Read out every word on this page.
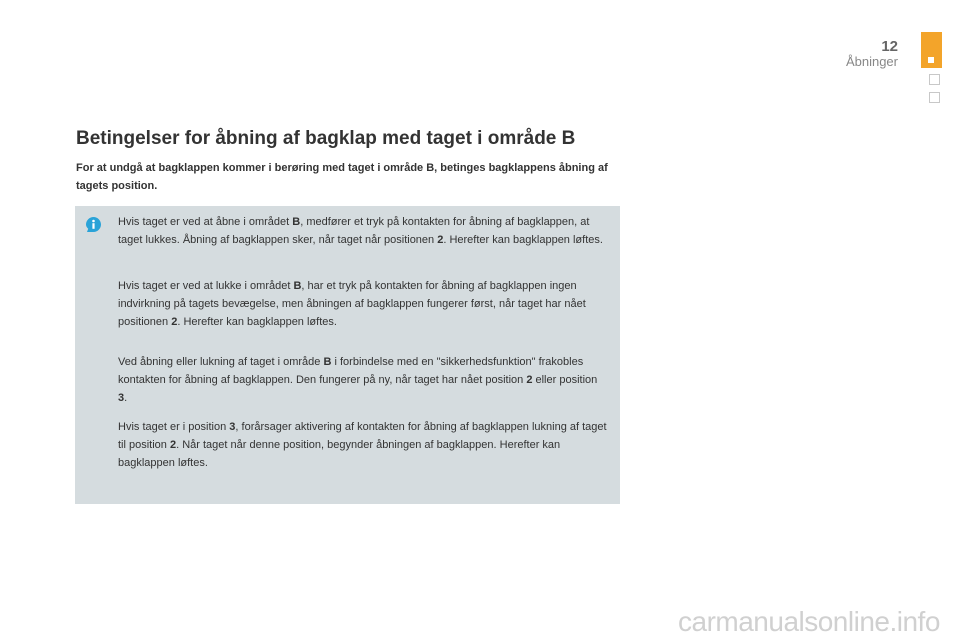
12
Åbninger
Betingelser for åbning af bagklap med taget i område B

For at undgå at bagklappen kommer i berøring med taget i område B, betinges bagklappens åbning af tagets position.

Hvis taget er ved at åbne i området B, medfører et tryk på kontakten for åbning af bagklappen, at taget lukkes. Åbning af bagklappen sker, når taget når positionen 2. Herefter kan bagklappen løftes.

Hvis taget er ved at lukke i området B, har et tryk på kontakten for åbning af bagklappen ingen indvirkning på tagets bevægelse, men åbningen af bagklappen fungerer først, når taget har nået positionen 2. Herefter kan bagklappen løftes.

Ved åbning eller lukning af taget i område B i forbindelse med en "sikkerhedsfunktion" frakobles kontakten for åbning af bagklappen. Den fungerer på ny, når taget har nået position 2 eller position 3.

Hvis taget er i position 3, forårsager aktivering af kontakten for åbning af bagklappen lukning af taget til position 2. Når taget når denne position, begynder åbningen af bagklappen. Herefter kan bagklappen løftes.

carmanualsonline.info
